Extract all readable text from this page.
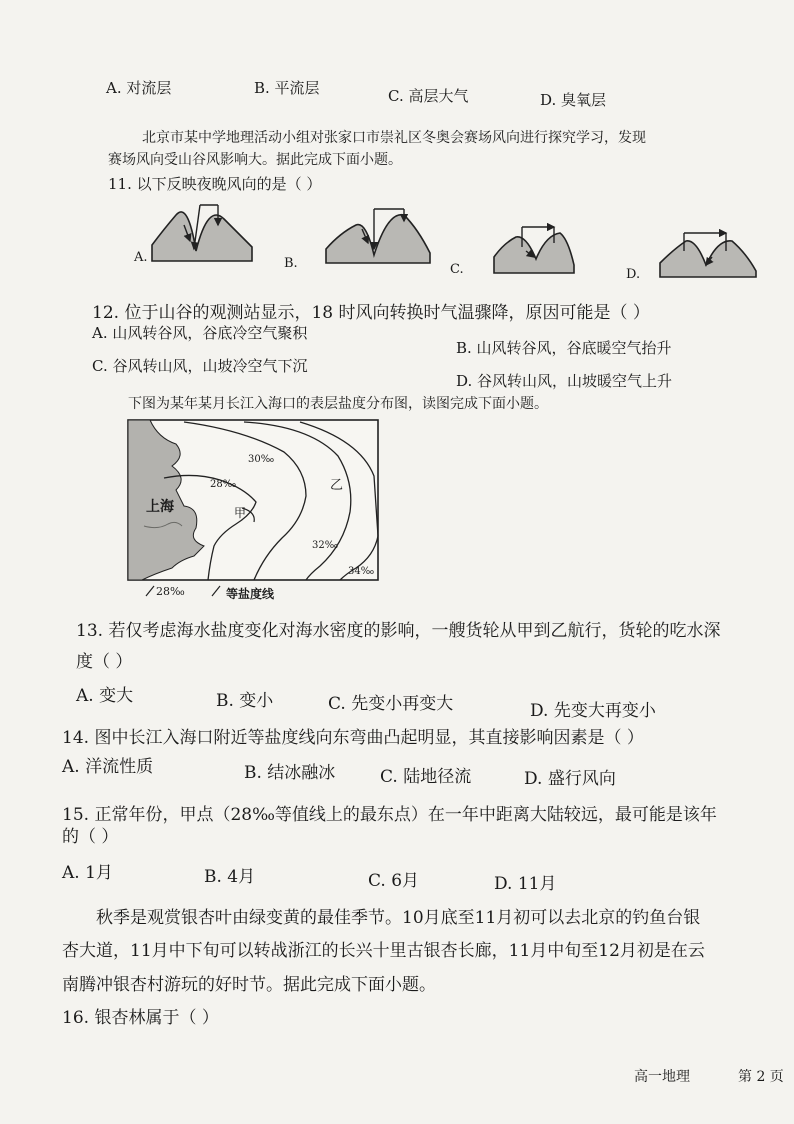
A. 对流层	B. 平流层	C. 高层大气	D. 臭氧层
北京市某中学地理活动小组对张家口市崇礼区冬奥会赛场风向进行探究学习，发现
赛场风向受山谷风影响大。据此完成下面小题。
11. 以下反映夜晚风向的是（ ）
A.	B.	C.	D.
12. 位于山谷的观测站显示，18 时风向转换时气温骤降，原因可能是（ ）
A. 山风转谷风，谷底冷空气聚积
B. 山风转谷风，谷底暖空气抬升
C. 谷风转山风，山坡冷空气下沉
D. 谷风转山风，山坡暖空气上升
下图为某年某月长江入海口的表层盐度分布图，读图完成下面小题。
上海	甲
乙
28‰
30‰
32‰
34‰
28‰	等盐度线
13. 若仅考虑海水盐度变化对海水密度的影响，一艘货轮从甲到乙航行，货轮的吃水深
度（ ）
A. 变大	B. 变小	C. 先变小再变大	D. 先变大再变小
14. 图中长江入海口附近等盐度线向东弯曲凸起明显，其直接影响因素是（ ）
A. 洋流性质	B. 结冰融冰	C. 陆地径流	D. 盛行风向
15. 正常年份，甲点（28‰等值线上的最东点）在一年中距离大陆较远，最可能是该年
的（ ）
A. 1月	B. 4月	C. 6月	D. 11月
秋季是观赏银杏叶由绿变黄的最佳季节。10月底至11月初可以去北京的钓鱼台银
杏大道，11月中下旬可以转战浙江的长兴十里古银杏长廊，11月中旬至12月初是在云
南腾冲银杏村游玩的好时节。据此完成下面小题。
16. 银杏林属于（ ）
高一地理	第 2 页
